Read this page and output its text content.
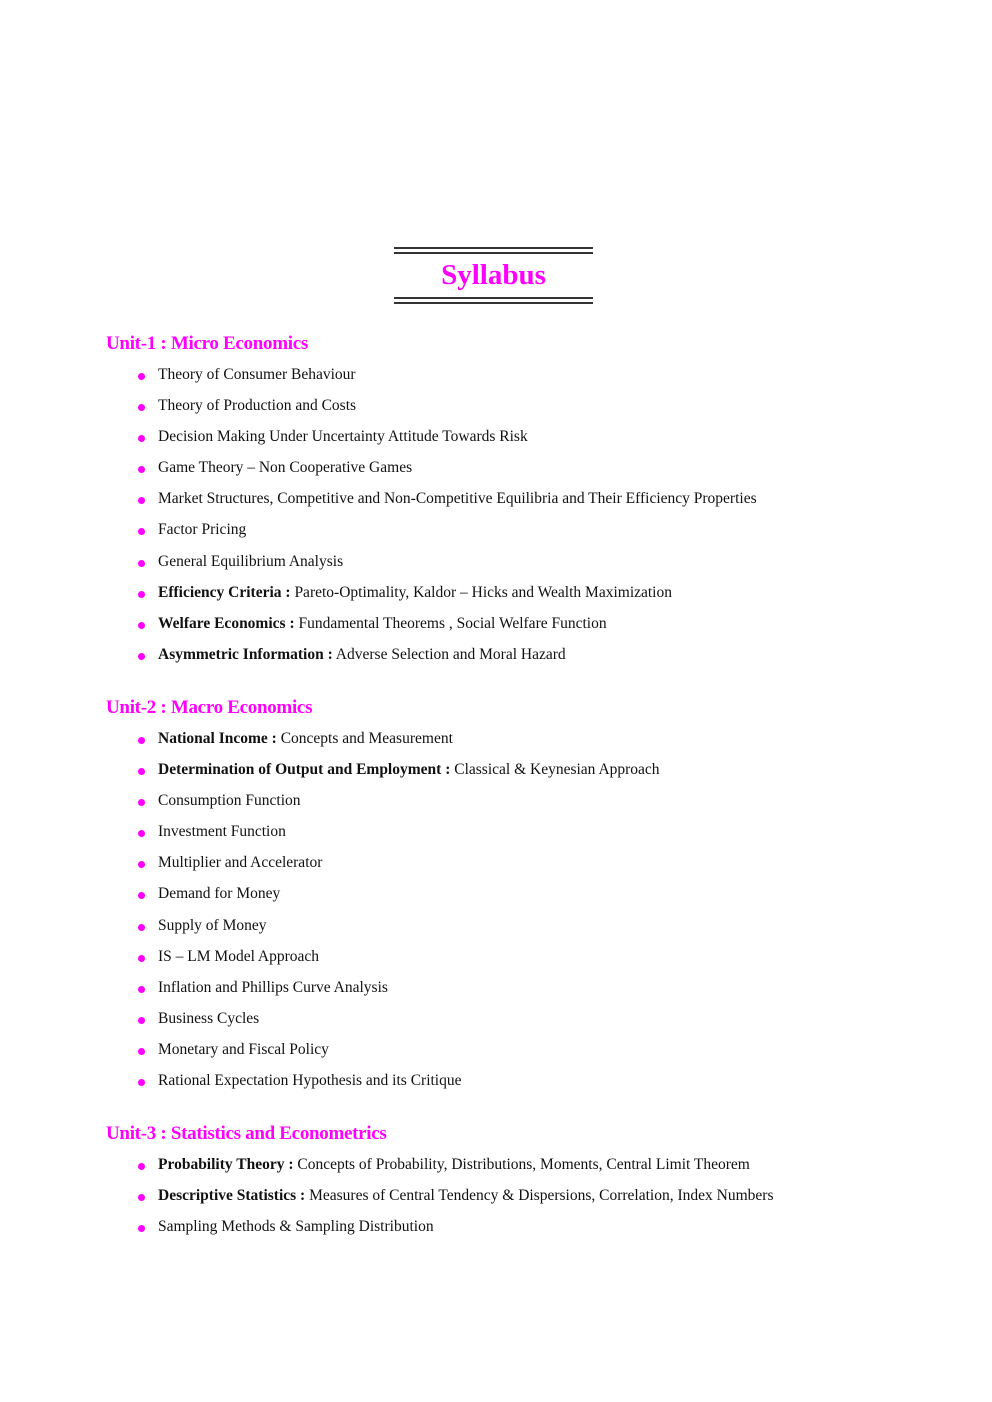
Syllabus
Unit-1 : Micro Economics
Theory of Consumer Behaviour
Theory of Production and Costs
Decision Making Under Uncertainty Attitude Towards Risk
Game Theory – Non Cooperative Games
Market Structures, Competitive and Non-Competitive Equilibria and Their Efficiency Properties
Factor Pricing
General Equilibrium Analysis
Efficiency Criteria : Pareto-Optimality, Kaldor – Hicks and Wealth Maximization
Welfare Economics : Fundamental Theorems , Social Welfare Function
Asymmetric Information : Adverse Selection and Moral Hazard
Unit-2 : Macro Economics
National Income : Concepts and Measurement
Determination of Output and Employment : Classical & Keynesian Approach
Consumption Function
Investment Function
Multiplier and Accelerator
Demand for Money
Supply of Money
IS – LM Model Approach
Inflation and Phillips Curve Analysis
Business Cycles
Monetary and Fiscal Policy
Rational Expectation Hypothesis and its Critique
Unit-3 : Statistics and Econometrics
Probability Theory : Concepts of Probability, Distributions, Moments, Central Limit Theorem
Descriptive Statistics : Measures of Central Tendency & Dispersions, Correlation, Index Numbers
Sampling Methods & Sampling Distribution
